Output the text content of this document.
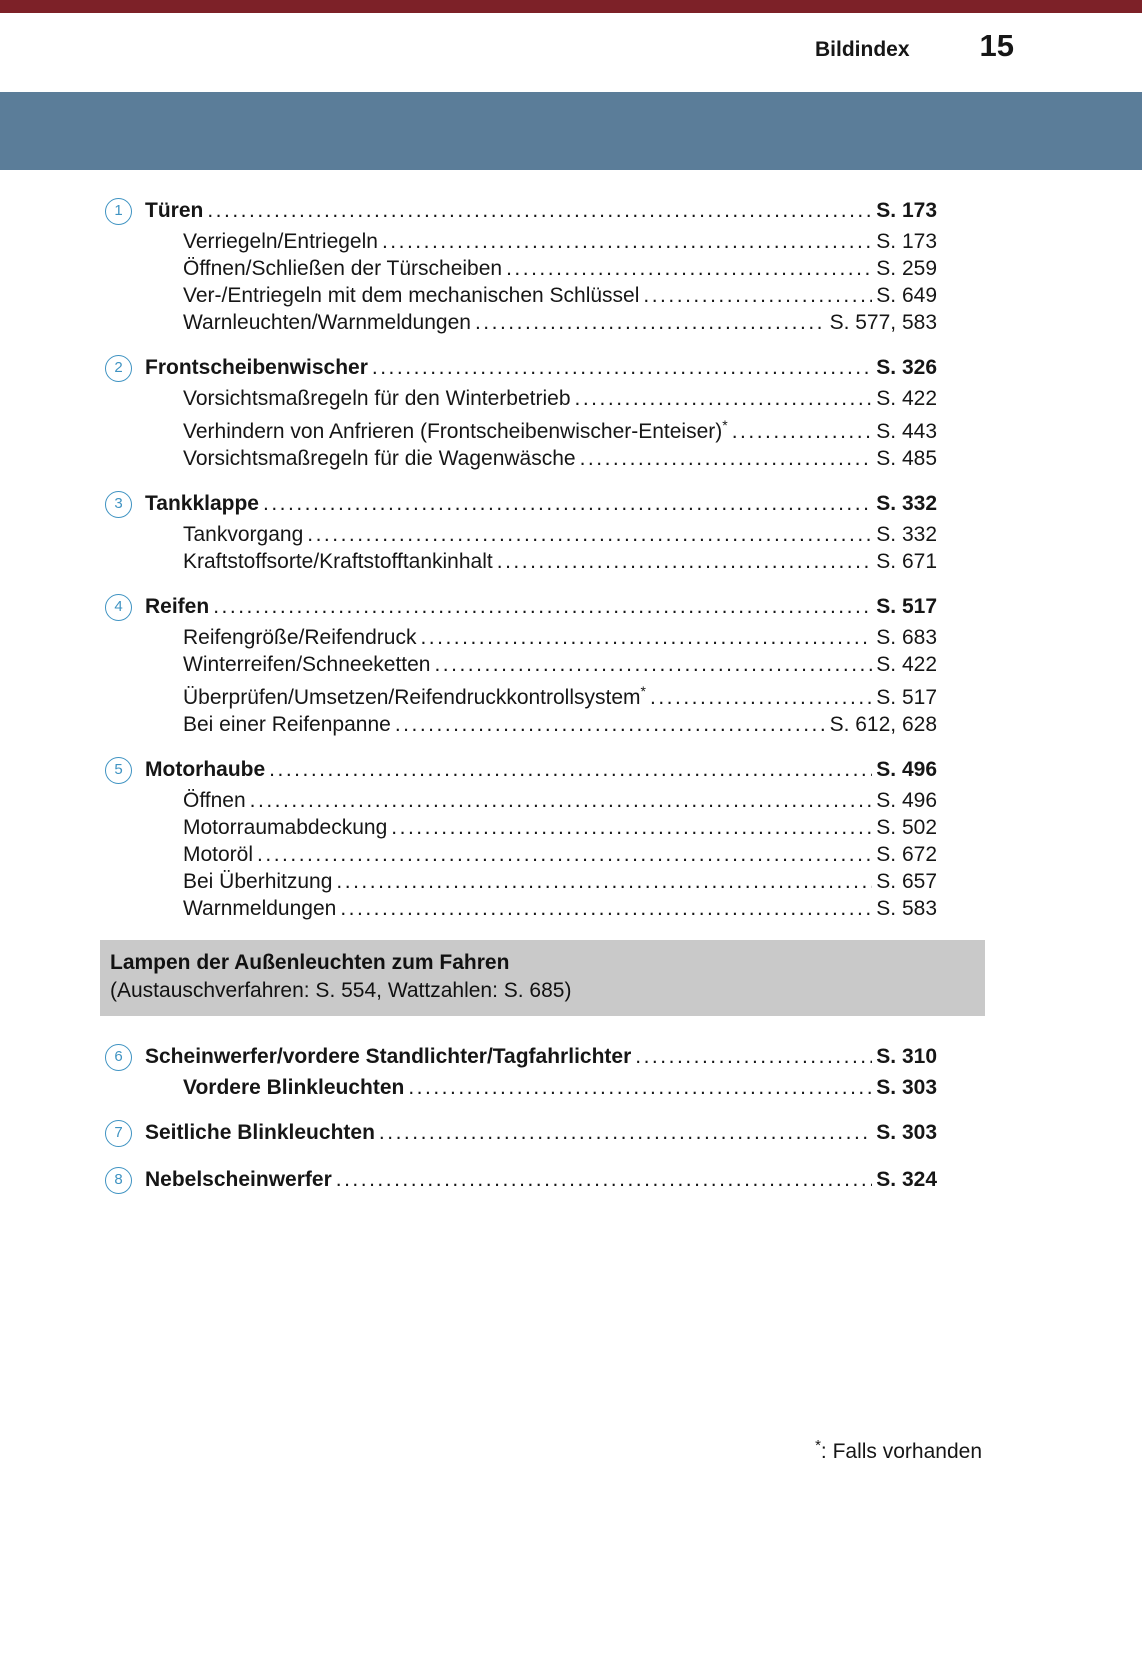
Bildindex 15
1	Türen .....	S. 173
Verriegeln/Entriegeln .....	S. 173
Öffnen/Schließen der Türscheiben .....	S. 259
Ver-/Entriegeln mit dem mechanischen Schlüssel .....	S. 649
Warnleuchten/Warnmeldungen .....	S. 577, 583
2	Frontscheibenwischer .....	S. 326
Vorsichtsmaßregeln für den Winterbetrieb .....	S. 422
Verhindern von Anfrieren (Frontscheibenwischer-Enteiser)* .....	S. 443
Vorsichtsmaßregeln für die Wagenwäsche .....	S. 485
3	Tankklappe .....	S. 332
Tankvorgang .....	S. 332
Kraftstoffsorte/Kraftstofftankinhalt .....	S. 671
4	Reifen .....	S. 517
Reifengröße/Reifendruck .....	S. 683
Winterreifen/Schneeketten .....	S. 422
Überprüfen/Umsetzen/Reifendruckkontrollsystem* .....	S. 517
Bei einer Reifenpanne .....	S. 612, 628
5	Motorhaube .....	S. 496
Öffnen .....	S. 496
Motorraumabdeckung .....	S. 502
Motoröl .....	S. 672
Bei Überhitzung .....	S. 657
Warnmeldungen .....	S. 583
Lampen der Außenleuchten zum Fahren
(Austauschverfahren: S. 554, Wattzahlen: S. 685)
6	Scheinwerfer/vordere Standlichter/Tagfahrlichter .....	S. 310
Vordere Blinkleuchten .....	S. 303
7	Seitliche Blinkleuchten .....	S. 303
8	Nebelscheinwerfer .....	S. 324
*: Falls vorhanden
